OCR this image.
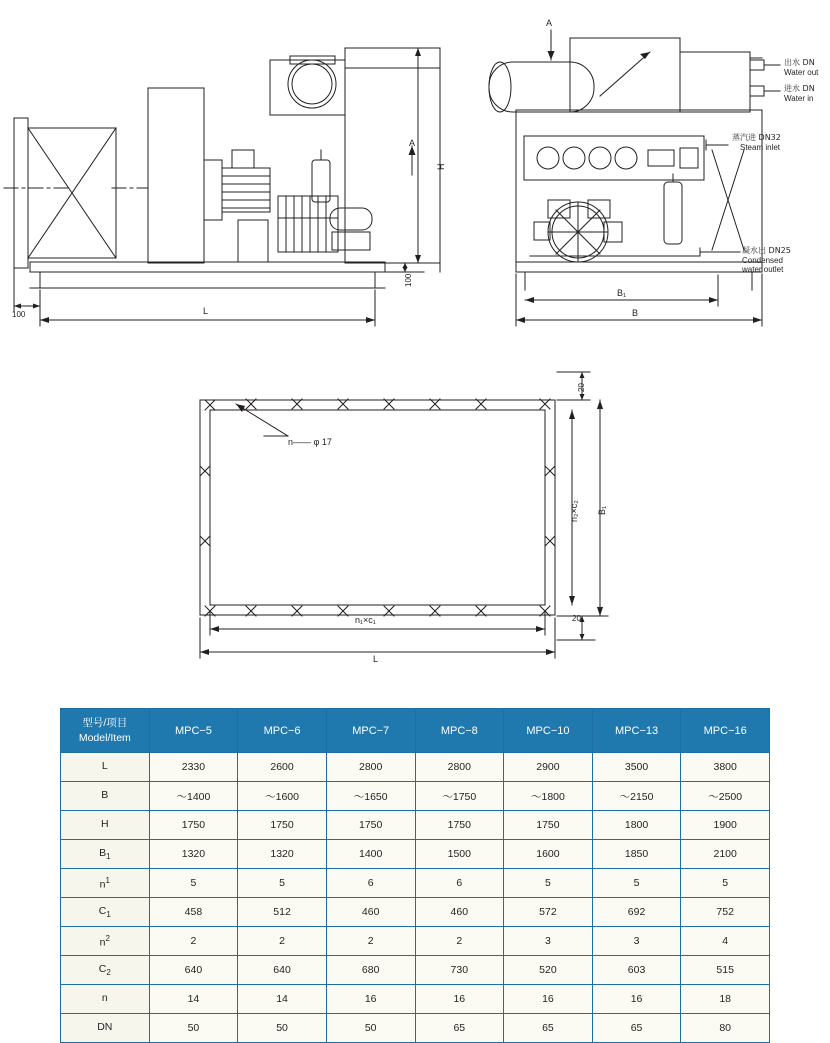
A
H
100
L
100
A
B₁
B
出水 DN
Water out
进水 DN
Water in
蒸汽进 DN32
Steam inlet
凝水出 DN25
Condensed water outlet
n—— φ 17
20
n₂×c₂ B₁
20
n₁×c₁
L
型号/项目
Model/Item	MPC−5	MPC−6	MPC−7	MPC−8	MPC−10	MPC−13	MPC−16
L	2330	2600	2800	2800	2900	3500	3800
B	～1400	～1600	～1650	～1750	～1800	～2150	～2500
H	1750	1750	1750	1750	1750	1800	1900
$B_1$	1320	1320	1400	1500	1600	1850	2100
$n^1$	5	5	6	6	5	5	5
$C_1$	458	512	460	460	572	692	752
$n^2$	2	2	2	2	3	3	4
$C_2$	640	640	680	730	520	603	515
n	14	14	16	16	16	16	18
DN	50	50	50	65	65	65	80
